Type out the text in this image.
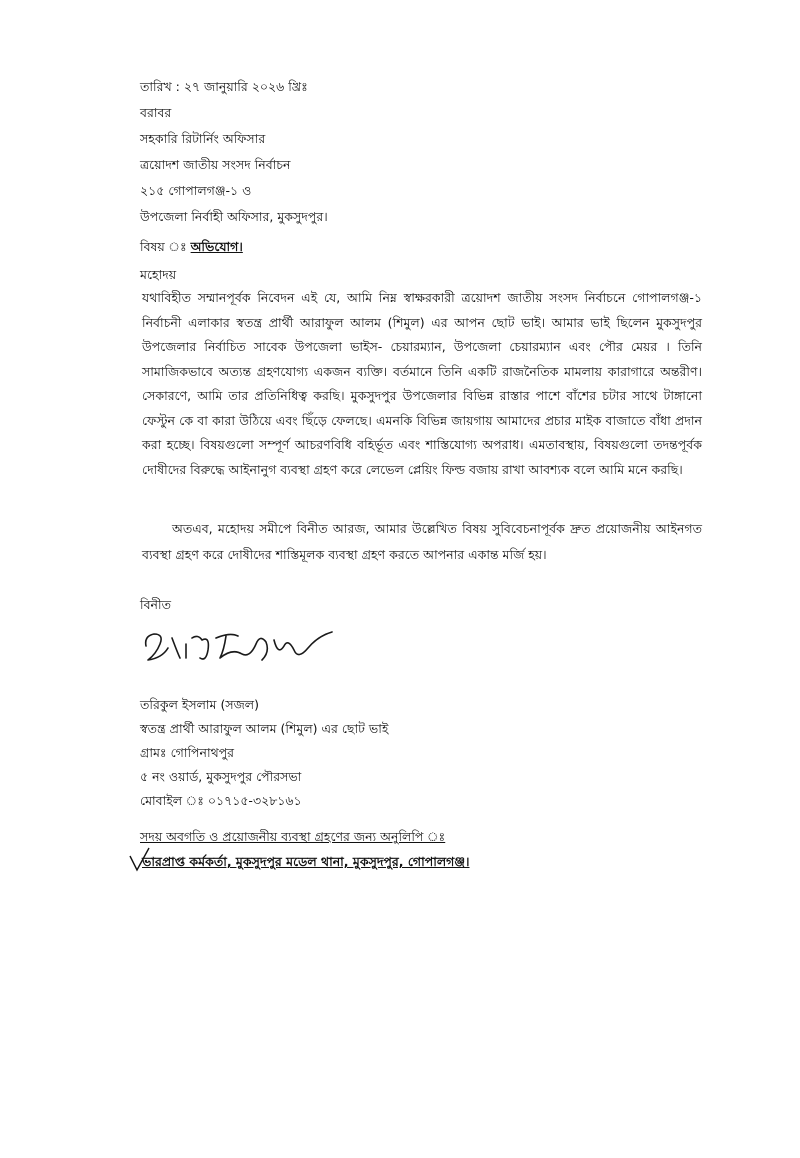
তারিখ : ২৭ জানুয়ারি ২০২৬ খ্রিঃ
বরাবর
সহকারি রিটার্নিং অফিসার
ত্রয়োদশ জাতীয় সংসদ নির্বাচন
২১৫ গোপালগঞ্জ-১ ও
উপজেলা নির্বাহী অফিসার, মুকসুদপুর।
বিষয় ঃ অভিযোগ।
মহোদয়
যথাবিহীত সম্মানপূর্বক নিবেদন এই যে, আমি নিম্ন স্বাক্ষরকারী ত্রয়োদশ জাতীয় সংসদ নির্বাচনে গোপালগঞ্জ-১ নির্বাচনী এলাকার স্বতন্ত্র প্রার্থী আরাফুল আলম (শিমুল) এর আপন ছোট ভাই। আমার ভাই ছিলেন মুকসুদপুর উপজেলার নির্বাচিত সাবেক উপজেলা ভাইস- চেয়ারম্যান, উপজেলা চেয়ারম্যান এবং পৌর মেয়র । তিনি সামাজিকভাবে অত্যন্ত গ্রহণযোগ্য একজন ব্যক্তি। বর্তমানে তিনি একটি রাজনৈতিক মামলায় কারাগারে অন্তরীণ। সেকারণে, আমি তার প্রতিনিধিত্ব করছি। মুকসুদপুর উপজেলার বিভিন্ন রাস্তার পাশে বাঁশের চটার সাথে টাঙ্গানো ফেস্টুন কে বা কারা উঠিয়ে এবং ছিঁড়ে ফেলছে। এমনকি বিভিন্ন জায়গায় আমাদের প্রচার মাইক বাজাতে বাঁধা প্রদান করা হচ্ছে। বিষয়গুলো সম্পূর্ণ আচরণবিধি বহির্ভূত এবং শাস্তিযোগ্য অপরাধ। এমতাবস্থায়, বিষয়গুলো তদন্তপূর্বক দোষীদের বিরুদ্ধে আইনানুগ ব্যবস্থা গ্রহণ করে লেভেল প্লেয়িং ফিল্ড বজায় রাখা আবশ্যক বলে আমি মনে করছি।
অতএব, মহোদয় সমীপে বিনীত আরজ, আমার উল্লেখিত বিষয় সুবিবেচনাপূর্বক দ্রুত প্রয়োজনীয় আইনগত ব্যবস্থা গ্রহণ করে দোষীদের শাস্তিমূলক ব্যবস্থা গ্রহণ করতে আপনার একান্ত মর্জি হয়।
বিনীত
তরিকুল ইসলাম (সজল)
স্বতন্ত্র প্রার্থী আরাফুল আলম (শিমুল) এর ছোট ভাই
গ্রামঃ গোপিনাথপুর
৫ নং ওয়ার্ড, মুকসুদপুর পৌরসভা
মোবাইল ঃ ০১৭১৫-৩২৮১৬১
সদয় অবগতি ও প্রয়োজনীয় ব্যবস্থা গ্রহণের জন্য অনুলিপি ঃ
ভারপ্রাপ্ত কর্মকর্তা, মুকসুদপুর মডেল থানা, মুকসুদপুর, গোপালগঞ্জ।
